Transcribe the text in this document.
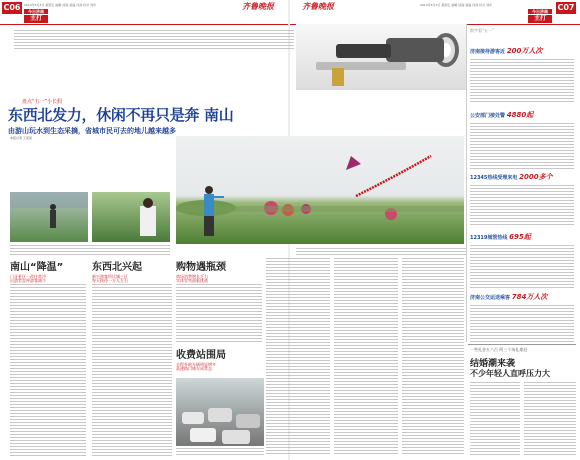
C06	2013年5月3日 星期五 编辑 邱丽 美编 何润 校对 刘华	齐鲁晚报
今日济南
主打
2013年5月3日 星期五 编辑 邱丽 美编 何润 校对 刘华
齐鲁晚报	C07
今日济南
主打
盘点“五一”小长假
东西北发力，休闲不再只是奔 南山
由游山玩水到生态采摘，省城市民可去的地儿越来越多
本报记者 王某某
南山“降温”
门牙景区一改往常冷
出游者直呼游客减少
东西北兴起
新兴游客所比城三区
每天接待一万人左右
购物遇瓶颈
商场消费增长乏力
实体零售面临挑战
收费站围局
去程外地车辆明显增多
高速路口堵车成常态
数字看“五一”
济南接待游客近 200万人次
公安部门接处警 4880起
12345热线受理来电 2000多个
12319城管热线 695起
济南公交运送乘客 784万人次
一些礼金五六百 两三个场礼难赶
结婚潮来袭
不少年轻人直呼压力大
